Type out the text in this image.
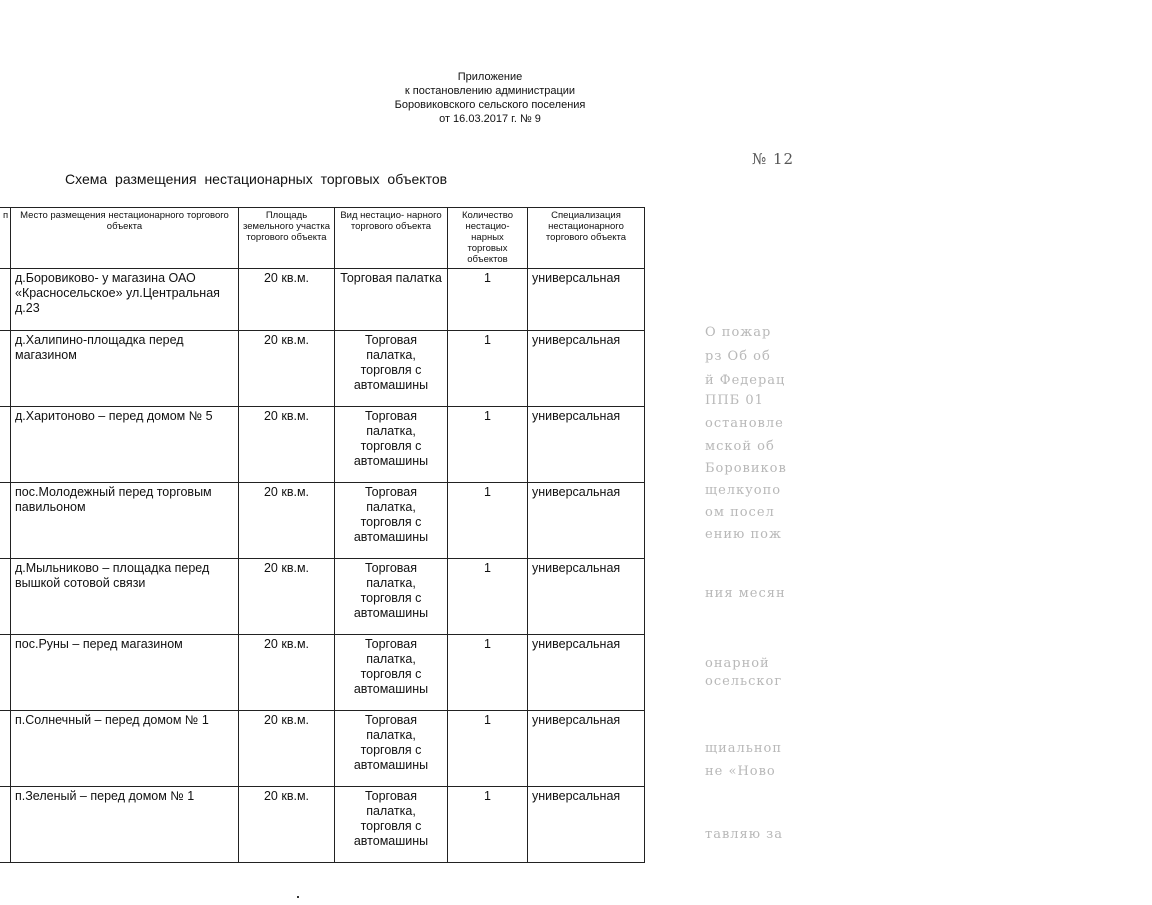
Приложение
к постановлению администрации
Боровиковского сельского поселения
от 16.03.2017 г. № 9
№ 12
Схема размещения нестационарных торговых объектов
п	Место размещения нестационарного торгового объекта	Площадь земельного участка торгового объекта	Вид нестацио- нарного торгового объекта	Количество нестацио- нарных торговых объектов	Специализация нестационарного торгового объекта
	д.Боровиково- у магазина ОАО «Красносельское» ул.Центральная д.23	20 кв.м.	Торговая палатка	1	универсальная
	д.Халипино-площадка перед магазином	20 кв.м.	Торговая палатка, торговля с автомашины	1	универсальная
	д.Харитоново – перед домом № 5	20 кв.м.	Торговая палатка, торговля с автомашины	1	универсальная
	пос.Молодежный перед торговым павильоном	20 кв.м.	Торговая палатка, торговля с автомашины	1	универсальная
	д.Мыльниково – площадка перед вышкой сотовой связи	20 кв.м.	Торговая палатка, торговля с автомашины	1	универсальная
	пос.Руны – перед магазином	20 кв.м.	Торговая палатка, торговля с автомашины	1	универсальная
	п.Солнечный – перед домом № 1	20 кв.м.	Торговая палатка, торговля с автомашины	1	универсальная
	п.Зеленый – перед домом № 1	20 кв.м.	Торговая палатка, торговля с автомашины	1	универсальная
О пожар
рз Об об
й Федерац
ППБ 01
остановле
мской об
Боровиков
щелкуопо
ом посел
ению пож
ния месян
онарной
осельског
щиальноп
не «Ново
тавляю за
